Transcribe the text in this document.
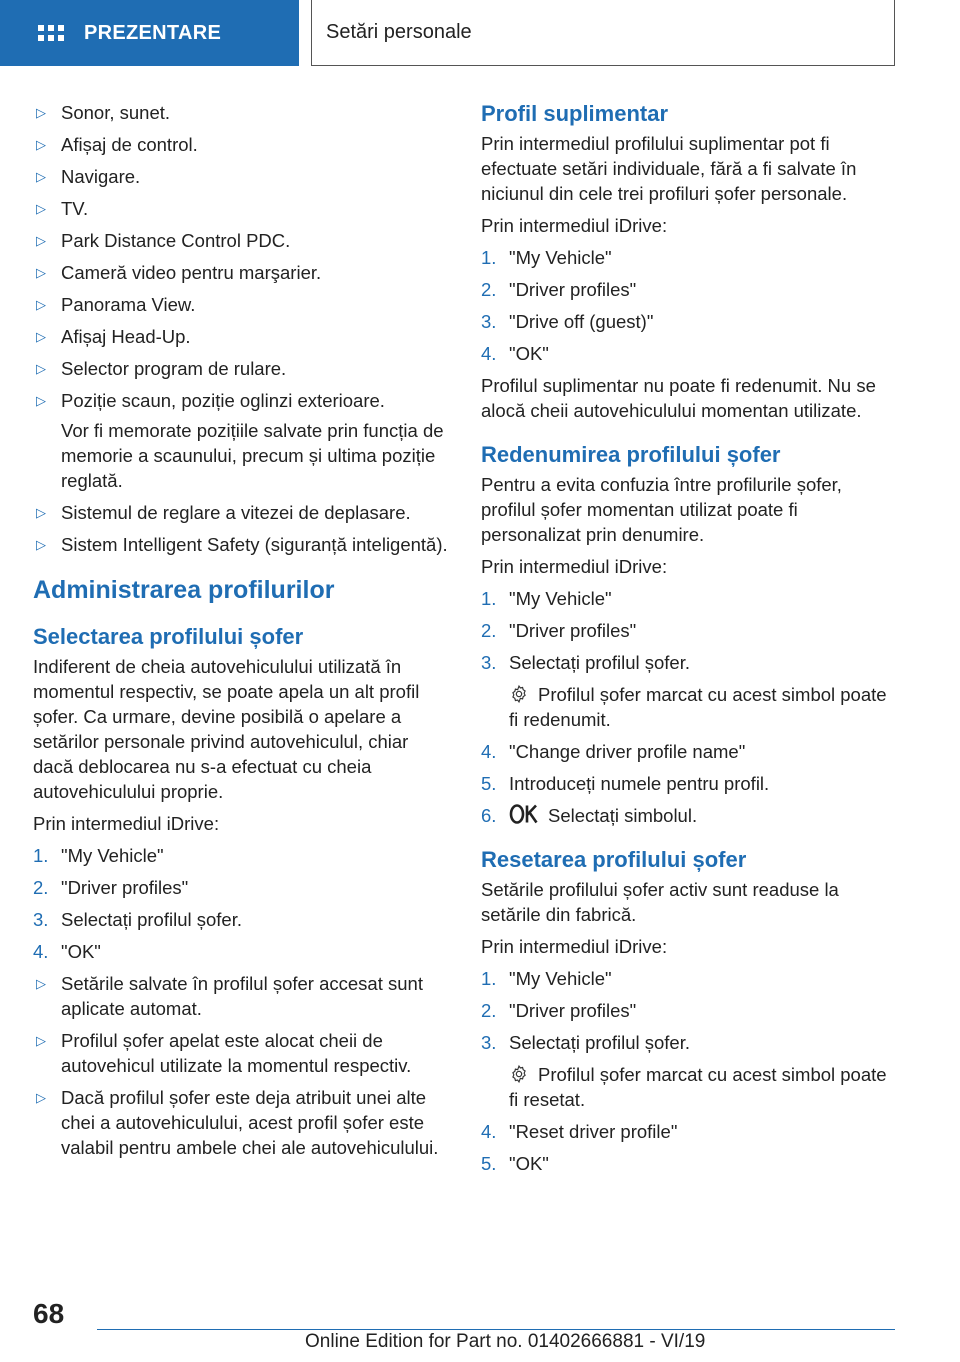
PREZENTARE	Setări personale
▷ Sonor, sunet.
▷ Afișaj de control.
▷ Navigare.
▷ TV.
▷ Park Distance Control PDC.
▷ Cameră video pentru marşarier.
▷ Panorama View.
▷ Afișaj Head-Up.
▷ Selector program de rulare.
▷ Poziție scaun, poziție oglinzi exterioare.
Vor fi memorate pozițiile salvate prin funcția de memorie a scaunului, precum și ultima poziție reglată.
▷ Sistemul de reglare a vitezei de deplasare.
▷ Sistem Intelligent Safety (siguranță inteligentă).
Administrarea profilurilor
Selectarea profilului șofer
Indiferent de cheia autovehiculului utilizată în momentul respectiv, se poate apela un alt profil șofer. Ca urmare, devine posibilă o apelare a setărilor personale privind autovehiculul, chiar dacă deblocarea nu s-a efectuat cu cheia autovehiculului proprie.
Prin intermediul iDrive:
1. "My Vehicle"
2. "Driver profiles"
3. Selectați profilul șofer.
4. "OK"
▷ Setările salvate în profilul șofer accesat sunt aplicate automat.
▷ Profilul șofer apelat este alocat cheii de autovehicul utilizate la momentul respectiv.
▷ Dacă profilul șofer este deja atribuit unei alte chei a autovehiculului, acest profil șofer este valabil pentru ambele chei ale autovehiculului.
Profil suplimentar
Prin intermediul profilului suplimentar pot fi efectuate setări individuale, fără a fi salvate în niciunul din cele trei profiluri șofer personale.
Prin intermediul iDrive:
1. "My Vehicle"
2. "Driver profiles"
3. "Drive off (guest)"
4. "OK"
Profilul suplimentar nu poate fi redenumit. Nu se alocă cheii autovehiculului momentan utilizate.
Redenumirea profilului șofer
Pentru a evita confuzia între profilurile șofer, profilul șofer momentan utilizat poate fi personalizat prin denumire.
Prin intermediul iDrive:
1. "My Vehicle"
2. "Driver profiles"
3. Selectați profilul șofer.
Profilul șofer marcat cu acest simbol poate fi redenumit.
4. "Change driver profile name"
5. Introduceți numele pentru profil.
6.	Selectați simbolul.
Resetarea profilului șofer
Setările profilului șofer activ sunt readuse la setările din fabrică.
Prin intermediul iDrive:
1. "My Vehicle"
2. "Driver profiles"
3. Selectați profilul șofer.
Profilul șofer marcat cu acest simbol poate fi resetat.
4. "Reset driver profile"
5. "OK"
68
Online Edition for Part no. 01402666881 - VI/19
